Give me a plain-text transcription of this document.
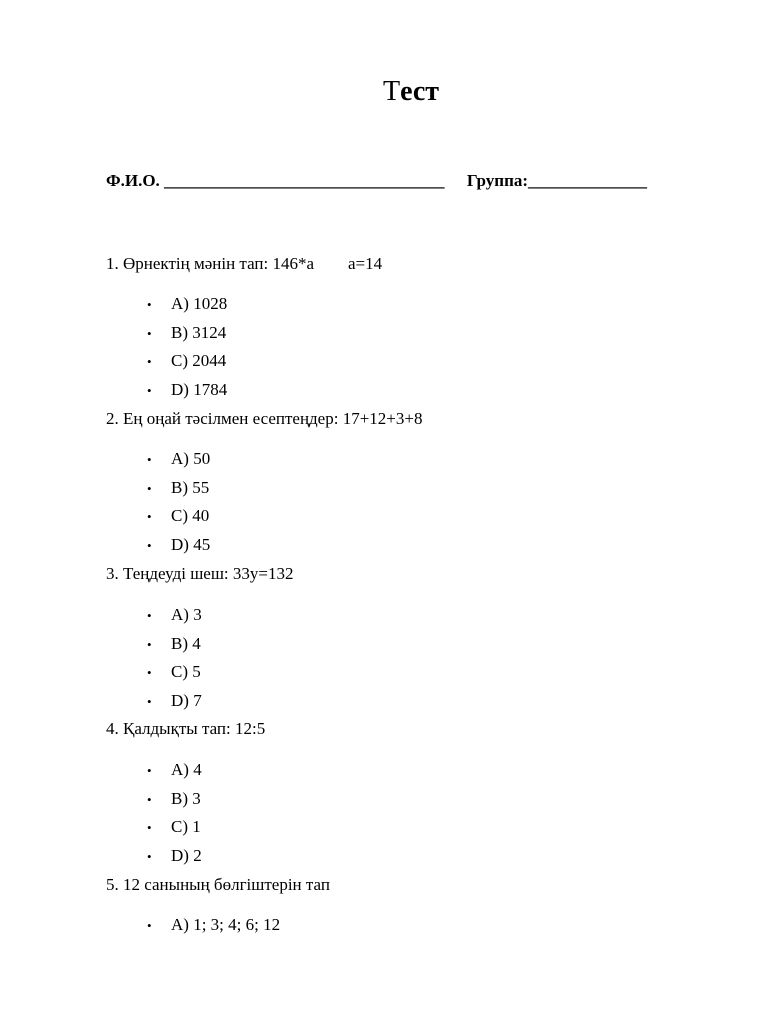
Тест
Ф.И.О. _________________________________ Группа:______________

1. Өрнектің мәнін тап: 146*а        а=14

• A) 1028
• B) 3124
• C) 2044
• D) 1784

2. Ең оңай тәсілмен есептеңдер: 17+12+3+8

• A) 50
• B) 55
• C) 40
• D) 45

3. Теңдеуді шеш: 33у=132

• A) 3
• B) 4
• C) 5
• D) 7

4. Қалдықты тап: 12:5

• A) 4
• B) 3
• C) 1
• D) 2

5. 12 санының бөлгіштерін тап

• A) 1; 3; 4; 6; 12
